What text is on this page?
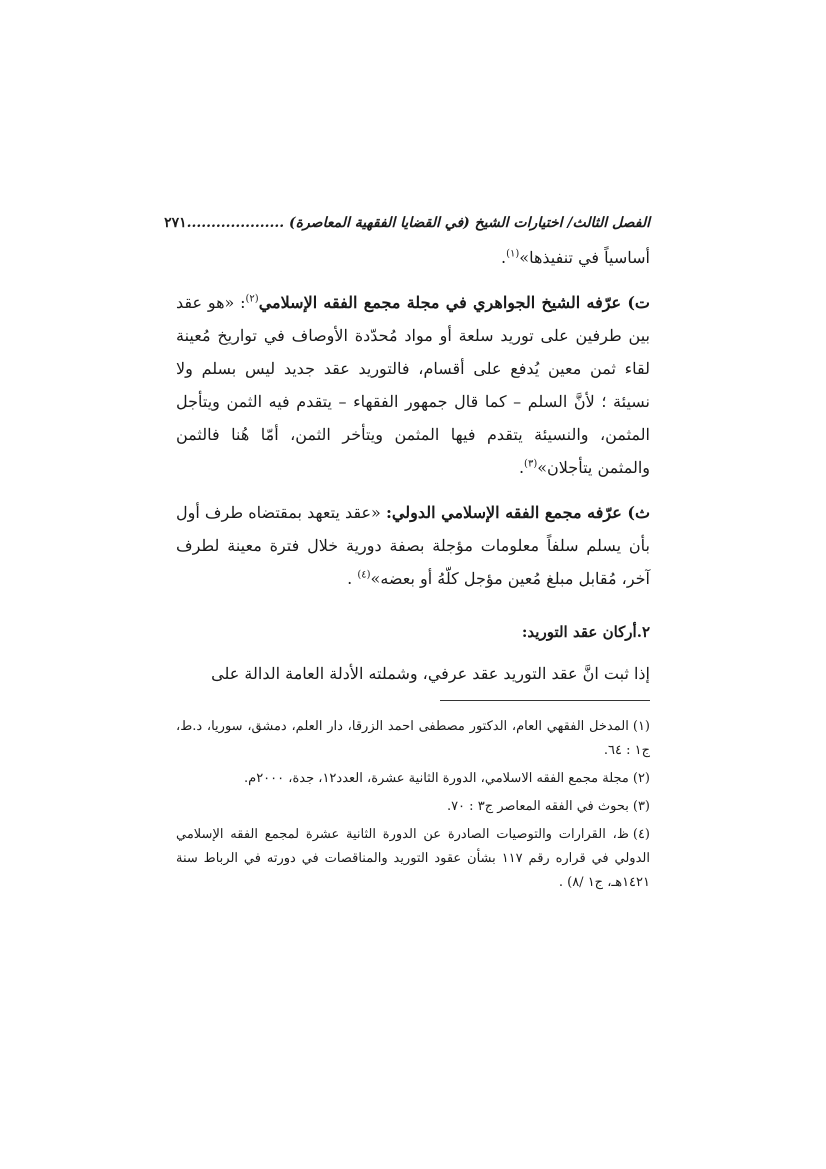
الفصل الثالث/ اختيارات الشيخ (في القضايا الفقهية المعاصرة) ....................
٢٧١

أساسياً في تنفيذها»$^{(١)}$.

ت) عرّفه الشيخ الجواهري في مجلة مجمع الفقه الإسلامي$^{(٢)}$: «هو عقد بين طرفين على توريد سلعة أو مواد مُحدّدة الأوصاف في تواريخ مُعينة لقاء ثمن معين يُدفع على أقسام، فالتوريد عقد جديد ليس بسلم ولا نسيئة ؛ لأنَّ السلم – كما قال جمهور الفقهاء – يتقدم فيه الثمن ويتأجل المثمن، والنسيئة يتقدم فيها المثمن ويتأخر الثمن، أمّا هُنا فالثمن والمثمن يتأجلان»$^{(٣)}$.

ث) عرّفه مجمع الفقه الإسلامي الدولي: «عقد يتعهد بمقتضاه طرف أول بأن يسلم سلفاً معلومات مؤجلة بصفة دورية خلال فترة معينة لطرف آخر، مُقابل مبلغ مُعين مؤجل كلّهُ أو بعضه»$^{(٤)}$ .

٢.أركان عقد التوريد:

إذا ثبت انَّ عقد التوريد عقد عرفي، وشملته الأدلة العامة الدالة على

(١)المدخل الفقهي العام، الدكتور مصطفى احمد الزرقا، دار العلم، دمشق، سوريا، د.ط، ج١ : ٦٤.

(٢)مجلة مجمع الفقه الاسلامي، الدورة الثانية عشرة، العدد١٢، جدة، ٢٠٠٠م.

(٣)بحوث في الفقه المعاصر ج٣ : ٧٠.

(٤)ظ، القرارات والتوصيات الصادرة عن الدورة الثانية عشرة لمجمع الفقه الإسلامي الدولي في قراره رقم ١١٧ بشأن عقود التوريد والمناقصات في دورته في الرباط سنة ١٤٢١هـ، ج١ /٨) .
